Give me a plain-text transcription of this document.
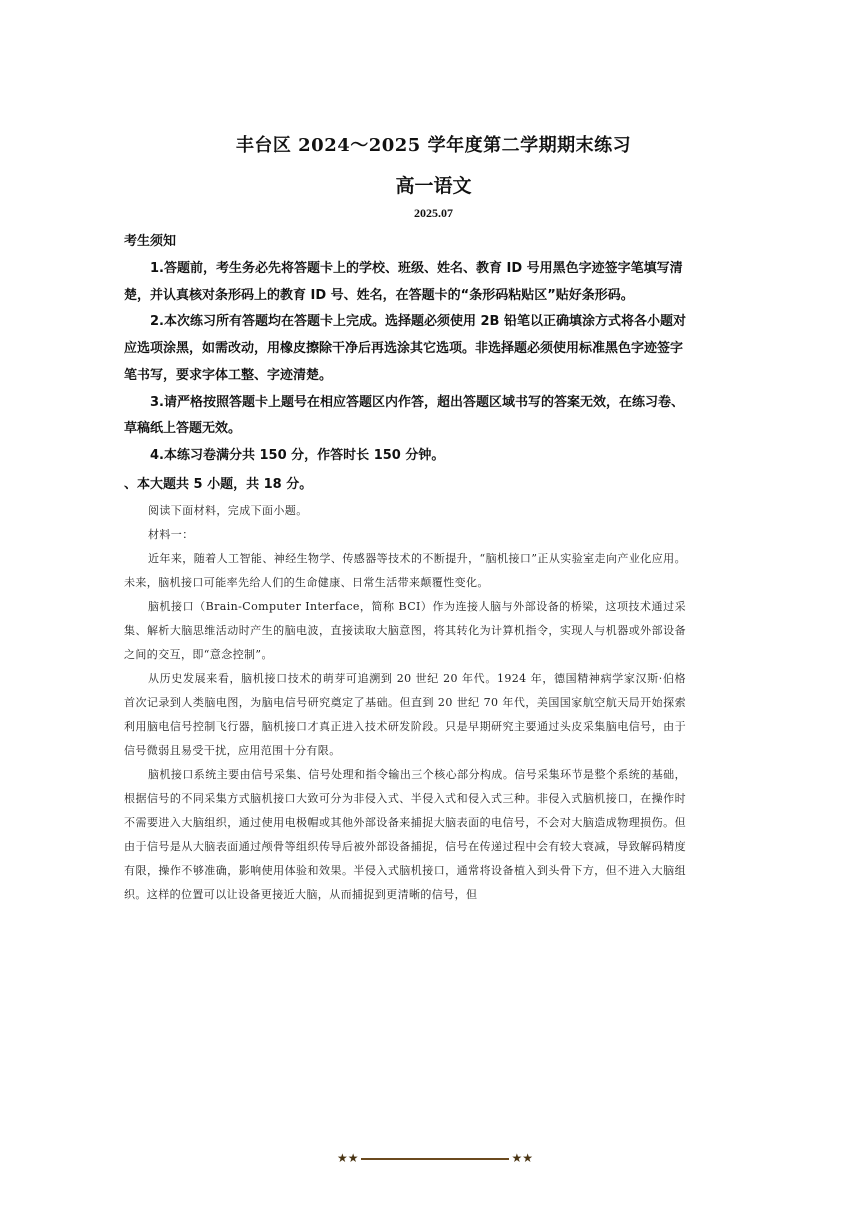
丰台区 2024～2025 学年度第二学期期末练习
高一语文
2025.07
考生须知

1.答题前，考生务必先将答题卡上的学校、班级、姓名、教育 ID 号用黑色字迹签字笔填写清楚，并认真核对条形码上的教育 ID 号、姓名，在答题卡的“条形码粘贴区”贴好条形码。

2.本次练习所有答题均在答题卡上完成。选择题必须使用 2B 铅笔以正确填涂方式将各小题对应选项涂黑，如需改动，用橡皮擦除干净后再选涂其它选项。非选择题必须使用标准黑色字迹签字笔书写，要求字体工整、字迹清楚。

3.请严格按照答题卡上题号在相应答题区内作答，超出答题区域书写的答案无效，在练习卷、草稿纸上答题无效。

4.本练习卷满分共 150 分，作答时长 150 分钟。

、本大题共 5 小题，共 18 分。

阅读下面材料，完成下面小题。

材料一：

近年来，随着人工智能、神经生物学、传感器等技术的不断提升，“脑机接口”正从实验室走向产业化应用。未来，脑机接口可能率先给人们的生命健康、日常生活带来颠覆性变化。

脑机接口（Brain-Computer Interface，简称 BCI）作为连接人脑与外部设备的桥梁，这项技术通过采集、解析大脑思维活动时产生的脑电波，直接读取大脑意图，将其转化为计算机指令，实现人与机器或外部设备之间的交互，即“意念控制”。

从历史发展来看，脑机接口技术的萌芽可追溯到 20 世纪 20 年代。1924 年，德国精神病学家汉斯·伯格首次记录到人类脑电图，为脑电信号研究奠定了基础。但直到 20 世纪 70 年代，美国国家航空航天局开始探索利用脑电信号控制飞行器，脑机接口才真正进入技术研发阶段。只是早期研究主要通过头皮采集脑电信号，由于信号微弱且易受干扰，应用范围十分有限。

脑机接口系统主要由信号采集、信号处理和指令输出三个核心部分构成。信号采集环节是整个系统的基础，根据信号的不同采集方式脑机接口大致可分为非侵入式、半侵入式和侵入式三种。非侵入式脑机接口，在操作时不需要进入大脑组织，通过使用电极帽或其他外部设备来捕捉大脑表面的电信号，不会对大脑造成物理损伤。但由于信号是从大脑表面通过颅骨等组织传导后被外部设备捕捉，信号在传递过程中会有较大衰减，导致解码精度有限，操作不够准确，影响使用体验和效果。半侵入式脑机接口，通常将设备植入到头骨下方，但不进入大脑组织。这样的位置可以让设备更接近大脑，从而捕捉到更清晰的信号，但

★★	★★
